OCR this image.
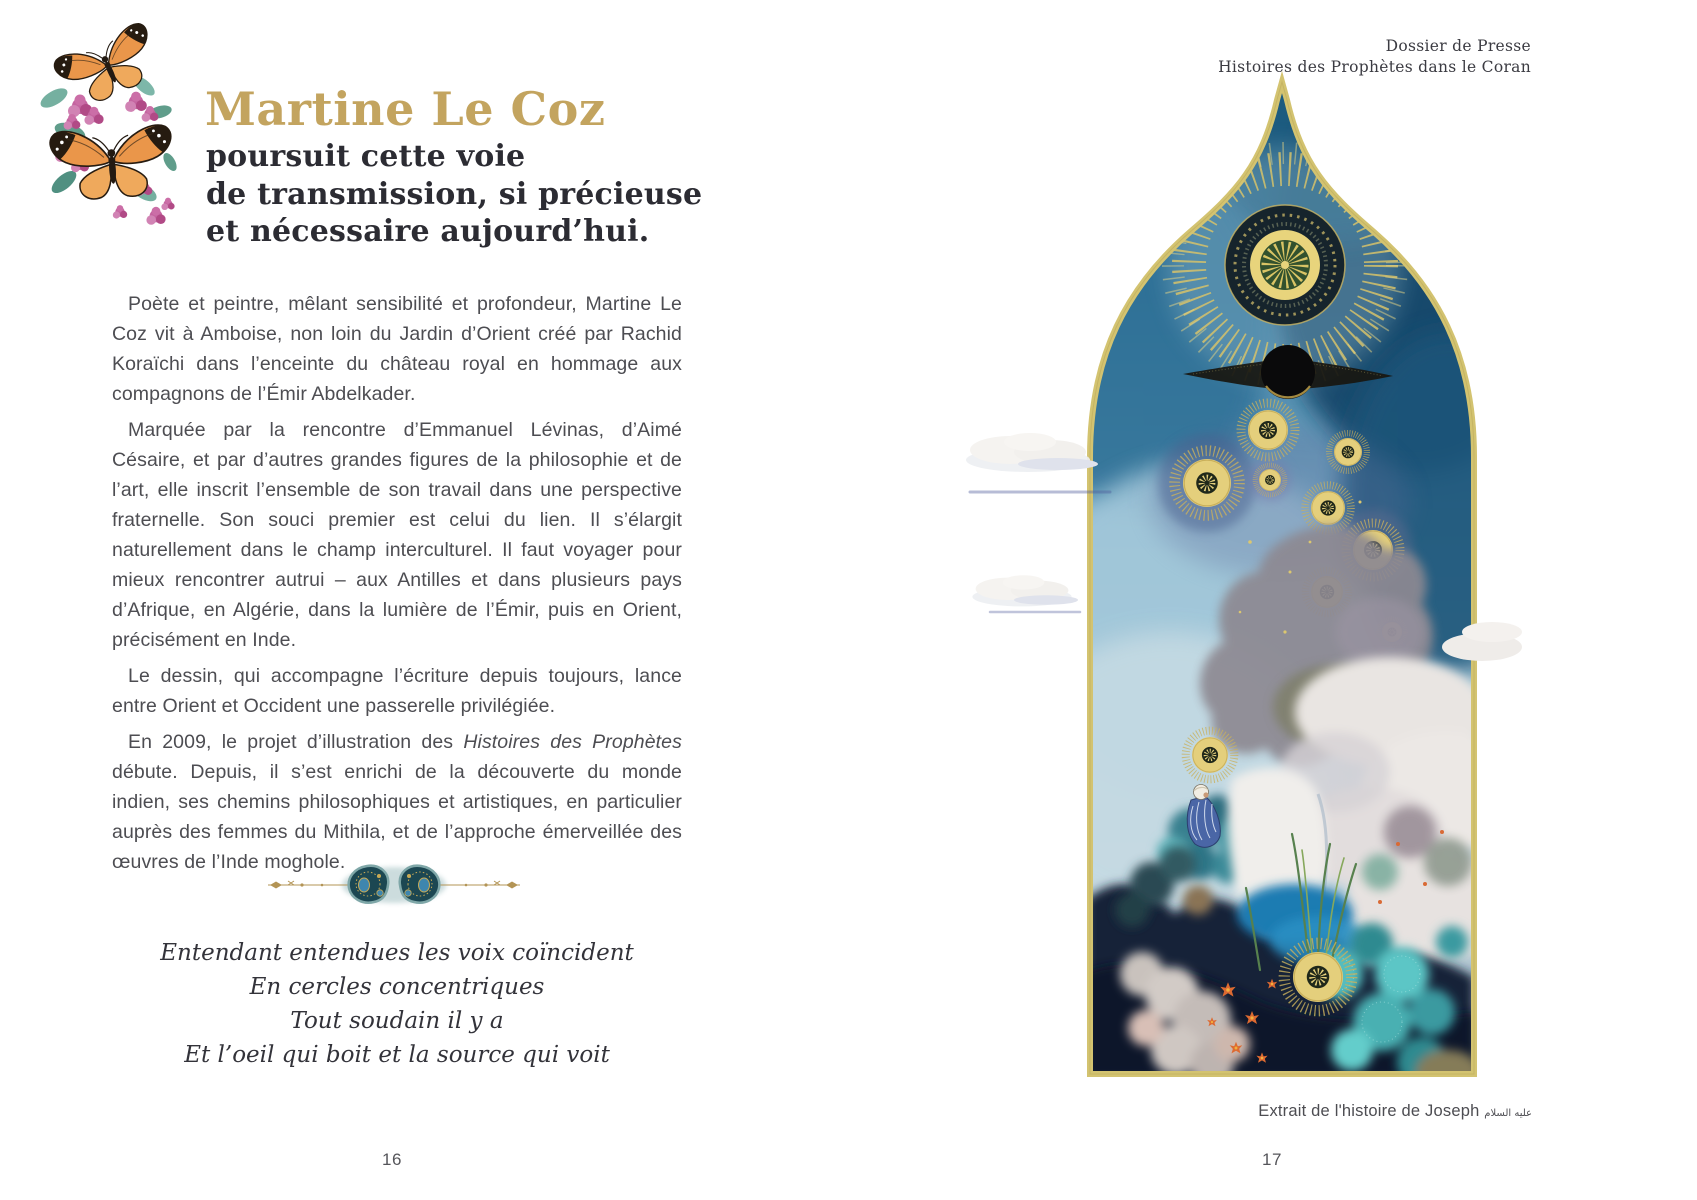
Martine Le Coz
poursuit cette voie
de transmission, si précieuse
et nécessaire aujourd’hui.

Poète et peintre, mêlant sensibilité et profondeur, Martine Le Coz vit à Amboise, non loin du Jardin d’Orient créé par Rachid Koraïchi dans l’enceinte du château royal en hommage aux compagnons de l’Émir Abdelkader.

Marquée par la rencontre d’Emmanuel Lévinas, d’Aimé Césaire, et par d’autres grandes figures de la philosophie et de l’art, elle inscrit l’ensemble de son travail dans une perspective fraternelle. Son souci premier est celui du lien. Il s’élargit naturellement dans le champ interculturel. Il faut voyager pour mieux rencontrer autrui – aux Antilles et dans plusieurs pays d’Afrique, en Algérie, dans la lumière de l’Émir, puis en Orient, précisément en Inde.

Le dessin, qui accompagne l’écriture depuis toujours, lance entre Orient et Occident une passerelle privilégiée.

En 2009, le projet d’illustration des Histoires des Prophètes débute. Depuis, il s’est enrichi de la découverte du monde indien, ses chemins philosophiques et artistiques, en particulier auprès des femmes du Mithila, et de l’approche émerveillée des œuvres de l’Inde moghole.

Entendant entendues les voix coïncident
En cercles concentriques
Tout soudain il y a
Et l’oeil qui boit et la source qui voit
16
Dossier de Presse
Histoires des Prophètes dans le Coran
Extrait de l'histoire de Joseph عليه السلام
17
